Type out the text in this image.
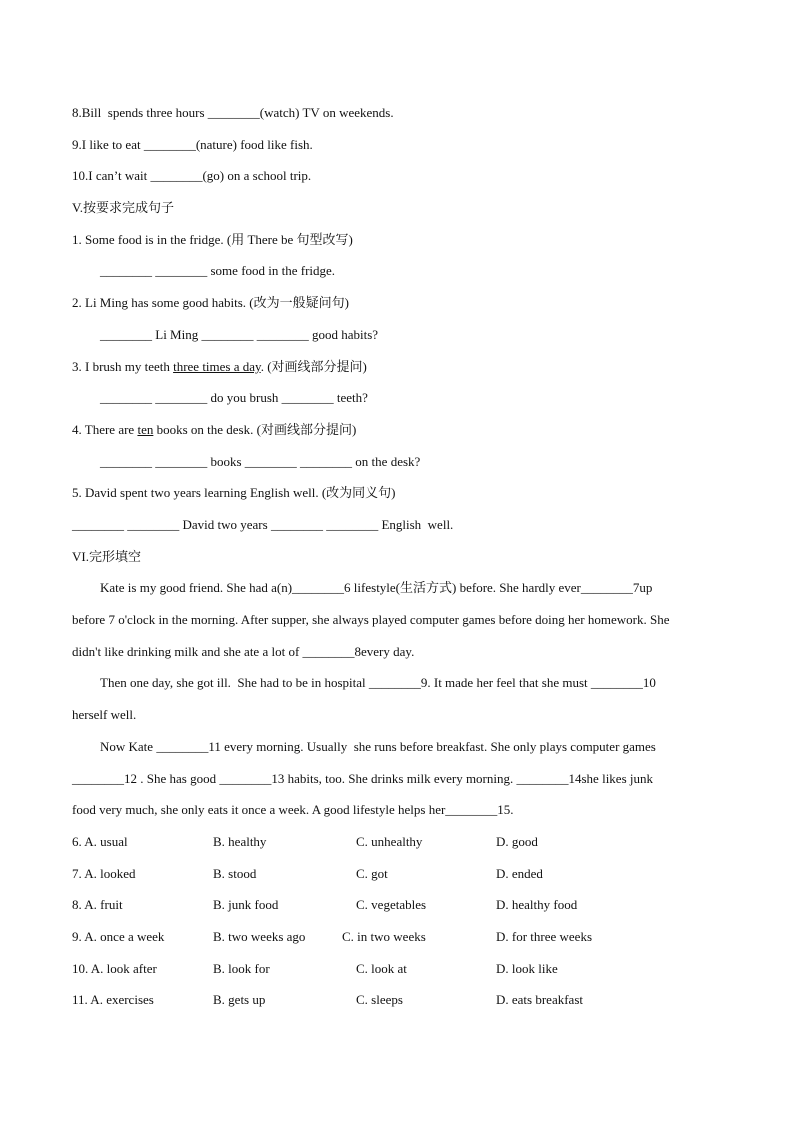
8.Bill  spends three hours ________(watch) TV on weekends.
9.I like to eat ________(nature) food like fish.
10.I can’t wait ________(go) on a school trip.
V.按要求完成句子
1. Some food is in the fridge. (用 There be 句型改写)
________ ________ some food in the fridge.
2. Li Ming has some good habits. (改为一般疑问句)
________ Li Ming ________ ________ good habits?
3. I brush my teeth three times a day. (对画线部分提问)
________ ________ do you brush ________ teeth?
4. There are ten books on the desk. (对画线部分提问)
________ ________ books ________ ________ on the desk?
5. David spent two years learning English well. (改为同义句)
________ ________ David two years ________ ________ English  well.
VI.完形填空
Kate is my good friend. She had a(n)________6 lifestyle(生活方式) before. She hardly ever________7up
before 7 o'clock in the morning. After supper, she always played computer games before doing her homework. She
didn't like drinking milk and she ate a lot of ________8every day.
Then one day, she got ill.  She had to be in hospital ________9. It made her feel that she must ________10
herself well.
Now Kate ________11 every morning. Usually  she runs before breakfast. She only plays computer games
________12 . She has good ________13 habits, too. She drinks milk every morning. ________14she likes junk
food very much, she only eats it once a week. A good lifestyle helps her________15.
6. A. usual	B. healthy	C. unhealthy	D. good
7. A. looked	B. stood	C. got	D. ended
8. A. fruit	B. junk food	C. vegetables	D. healthy food
9. A. once a week	B. two weeks ago	C. in two weeks	D. for three weeks
10. A. look after	B. look for	C. look at	D. look like
11. A. exercises	B. gets up	C. sleeps	D. eats breakfast
